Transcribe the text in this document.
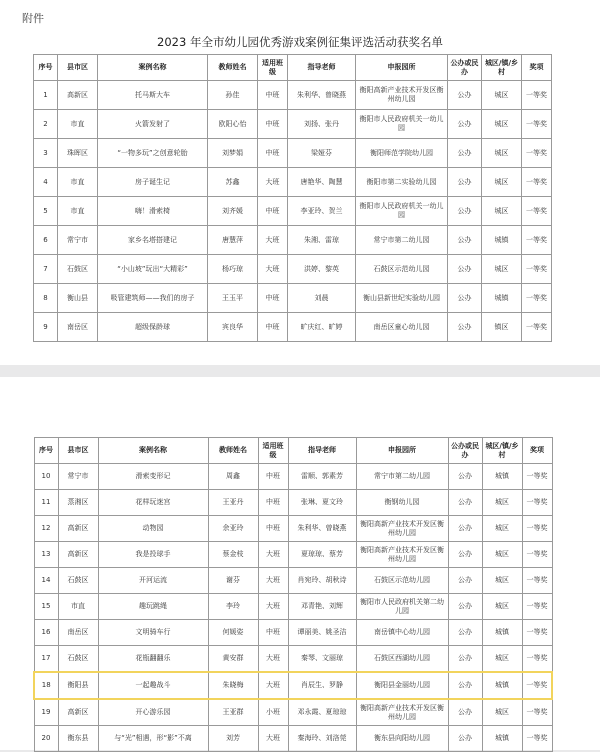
附件
2023 年全市幼儿园优秀游戏案例征集评选活动获奖名单
序号	县市区	案例名称	教师姓名	适用班级	指导老师	申报园所	公办或民办	城区/镇/乡村	奖项
1	高新区	托马斯大车	孙佳	中班	朱利华、曾晓燕	衡阳高新产业技术开发区衡州幼儿园	公办	城区	一等奖
2	市直	火箭发射了	欧阳心怡	中班	刘扬、张丹	衡阳市人民政府机关一幼儿园	公办	城区	一等奖
3	珠晖区	“一物多玩”之创意轮胎	刘梦娟	中班	梁娅芬	衡阳师范学院幼儿园	公办	城区	一等奖
4	市直	房子诞生记	苏鑫	大班	唐艳华、陶慧	衡阳市第二实验幼儿园	公办	城区	一等奖
5	市直	嗨！滑索椅	刘齐媛	中班	李亚玲、贺兰	衡阳市人民政府机关一幼儿园	公办	城区	一等奖
6	常宁市	家乡名塔搭建记	唐慧萍	大班	朱湘、雷琼	常宁市第二幼儿园	公办	城镇	一等奖
7	石鼓区	“小山坡”玩出“大精彩”	杨巧琼	大班	洪婷、黎英	石鼓区示范幼儿园	公办	城区	一等奖
8	衡山县	吸管建筑师——我们的房子	王玉平	中班	刘晨	衡山县新世纪实验幼儿园	公办	城镇	一等奖
9	南岳区	超级保龄球	宾良华	中班	旷庆红、旷婷	南岳区童心幼儿园	公办	镇区	一等奖
序号	县市区	案例名称	教师姓名	适用班级	指导老师	申报园所	公办或民办	城区/镇/乡村	奖项
10	常宁市	滑索变形记	周鑫	中班	雷顺、郭素芳	常宁市第二幼儿园	公办	城镇	一等奖
11	蒸湘区	花样玩迷宫	王亚丹	中班	张琳、夏文玲	衡钢幼儿园	公办	城区	一等奖
12	高新区	动物园	余亚玲	中班	朱利华、曾晓燕	衡阳高新产业技术开发区衡州幼儿园	公办	城区	一等奖
13	高新区	我是投球手	蔡金枝	大班	夏琼琼、蔡芳	衡阳高新产业技术开发区衡州幼儿园	公办	城区	一等奖
14	石鼓区	开河运流	谢芬	大班	肖宛玲、胡秋诗	石鼓区示范幼儿园	公办	城区	一等奖
15	市直	趣玩跳绳	李玲	大班	邓青艳、刘辉	衡阳市人民政府机关第二幼儿园	公办	城区	一等奖
16	南岳区	文明骑车行	何媛姿	中班	谭丽美、姚圣洁	南岳镇中心幼儿园	公办	城镇	一等奖
17	石鼓区	花瓶翻翻乐	黄安群	大班	秦琴、文丽琼	石鼓区西湖幼儿园	公办	城区	一等奖
18	衡阳县	一起趣战斗	朱晓梅	大班	肖辰生、罗静	衡阳县金丽幼儿园	公办	城镇	一等奖
19	高新区	开心游乐园	王亚群	小班	邓永霞、夏琼琼	衡阳高新产业技术开发区衡州幼儿园	公办	城区	一等奖
20	衡东县	与“光”相遇，形“影”不离	刘芳	大班	秦海玲、刘洛莞	衡东县向阳幼儿园	公办	城镇	一等奖
